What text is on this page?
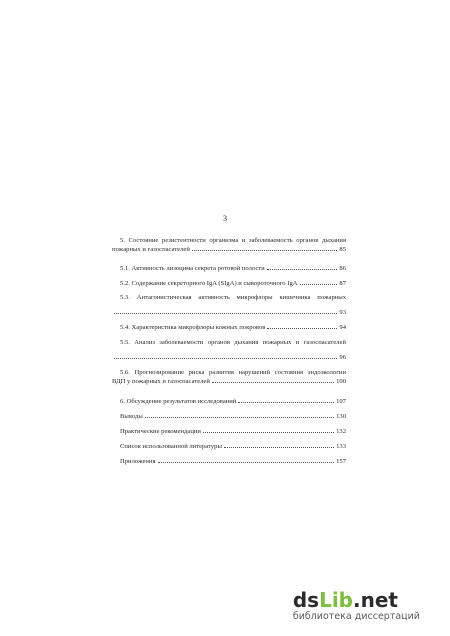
3
5. Состояние резистентности организма и заболеваемость органов дыхания
пожарных и газоспасателей	85
5.1. Активность лизоцима секрета ротовой полости	86
5.2. Содержание секреторного IgA (SIgA) и сывороточного IgA	87
5.3. Антагонистическая активность микрофлоры кишечника пожарных
93
5.4. Характеристика микрофлоры кожных покровов	94
5.5. Анализ заболеваемости органов дыхания пожарных и газоспасателей
96
5.6. Прогнозирование риска развития нарушений состояния эндоэкологии
ВДП у пожарных и газоспасателей	100
6. Обсуждение результатов исследований	107
Выводы	130
Практические рекомендации	132
Список использованной литературы	133
Приложения	157
dsLib.net
библиотека диссертаций
